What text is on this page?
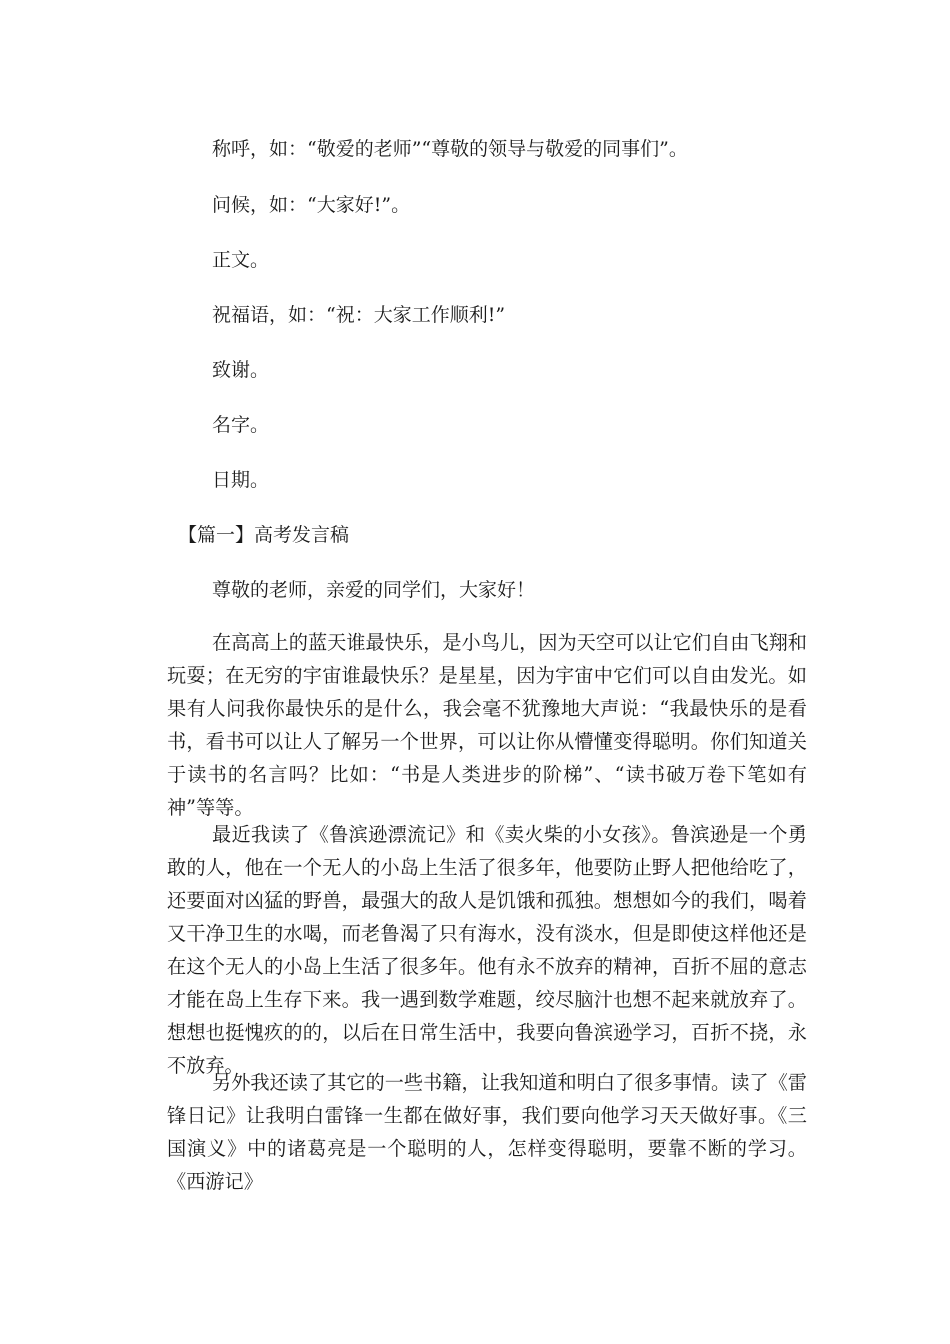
称呼，如：“敬爱的老师”“尊敬的领导与敬爱的同事们”。
问候，如：“大家好!”。
正文。
祝福语，如：“祝：大家工作顺利!”
致谢。
名字。
日期。
【篇一】高考发言稿
尊敬的老师，亲爱的同学们，大家好！

在高高上的蓝天谁最快乐，是小鸟儿，因为天空可以让它们自由飞翔和玩耍；在无穷的宇宙谁最快乐？是星星，因为宇宙中它们可以自由发光。如果有人问我你最快乐的是什么，我会毫不犹豫地大声说：“我最快乐的是看书，看书可以让人了解另一个世界，可以让你从懵懂变得聪明。你们知道关于读书的名言吗？比如：“书是人类进步的阶梯”、“读书破万卷下笔如有神”等等。

最近我读了《鲁滨逊漂流记》和《卖火柴的小女孩》。鲁滨逊是一个勇敢的人，他在一个无人的小岛上生活了很多年，他要防止野人把他给吃了，还要面对凶猛的野兽，最强大的敌人是饥饿和孤独。想想如今的我们，喝着又干净卫生的水喝，而老鲁渴了只有海水，没有淡水，但是即使这样他还是在这个无人的小岛上生活了很多年。他有永不放弃的精神，百折不屈的意志才能在岛上生存下来。我一遇到数学难题，绞尽脑汁也想不起来就放弃了。想想也挺愧疚的的，以后在日常生活中，我要向鲁滨逊学习，百折不挠，永不放弃。

另外我还读了其它的一些书籍，让我知道和明白了很多事情。读了《雷锋日记》让我明白雷锋一生都在做好事，我们要向他学习天天做好事。《三国演义》中的诸葛亮是一个聪明的人，怎样变得聪明，要靠不断的学习。《西游记》
